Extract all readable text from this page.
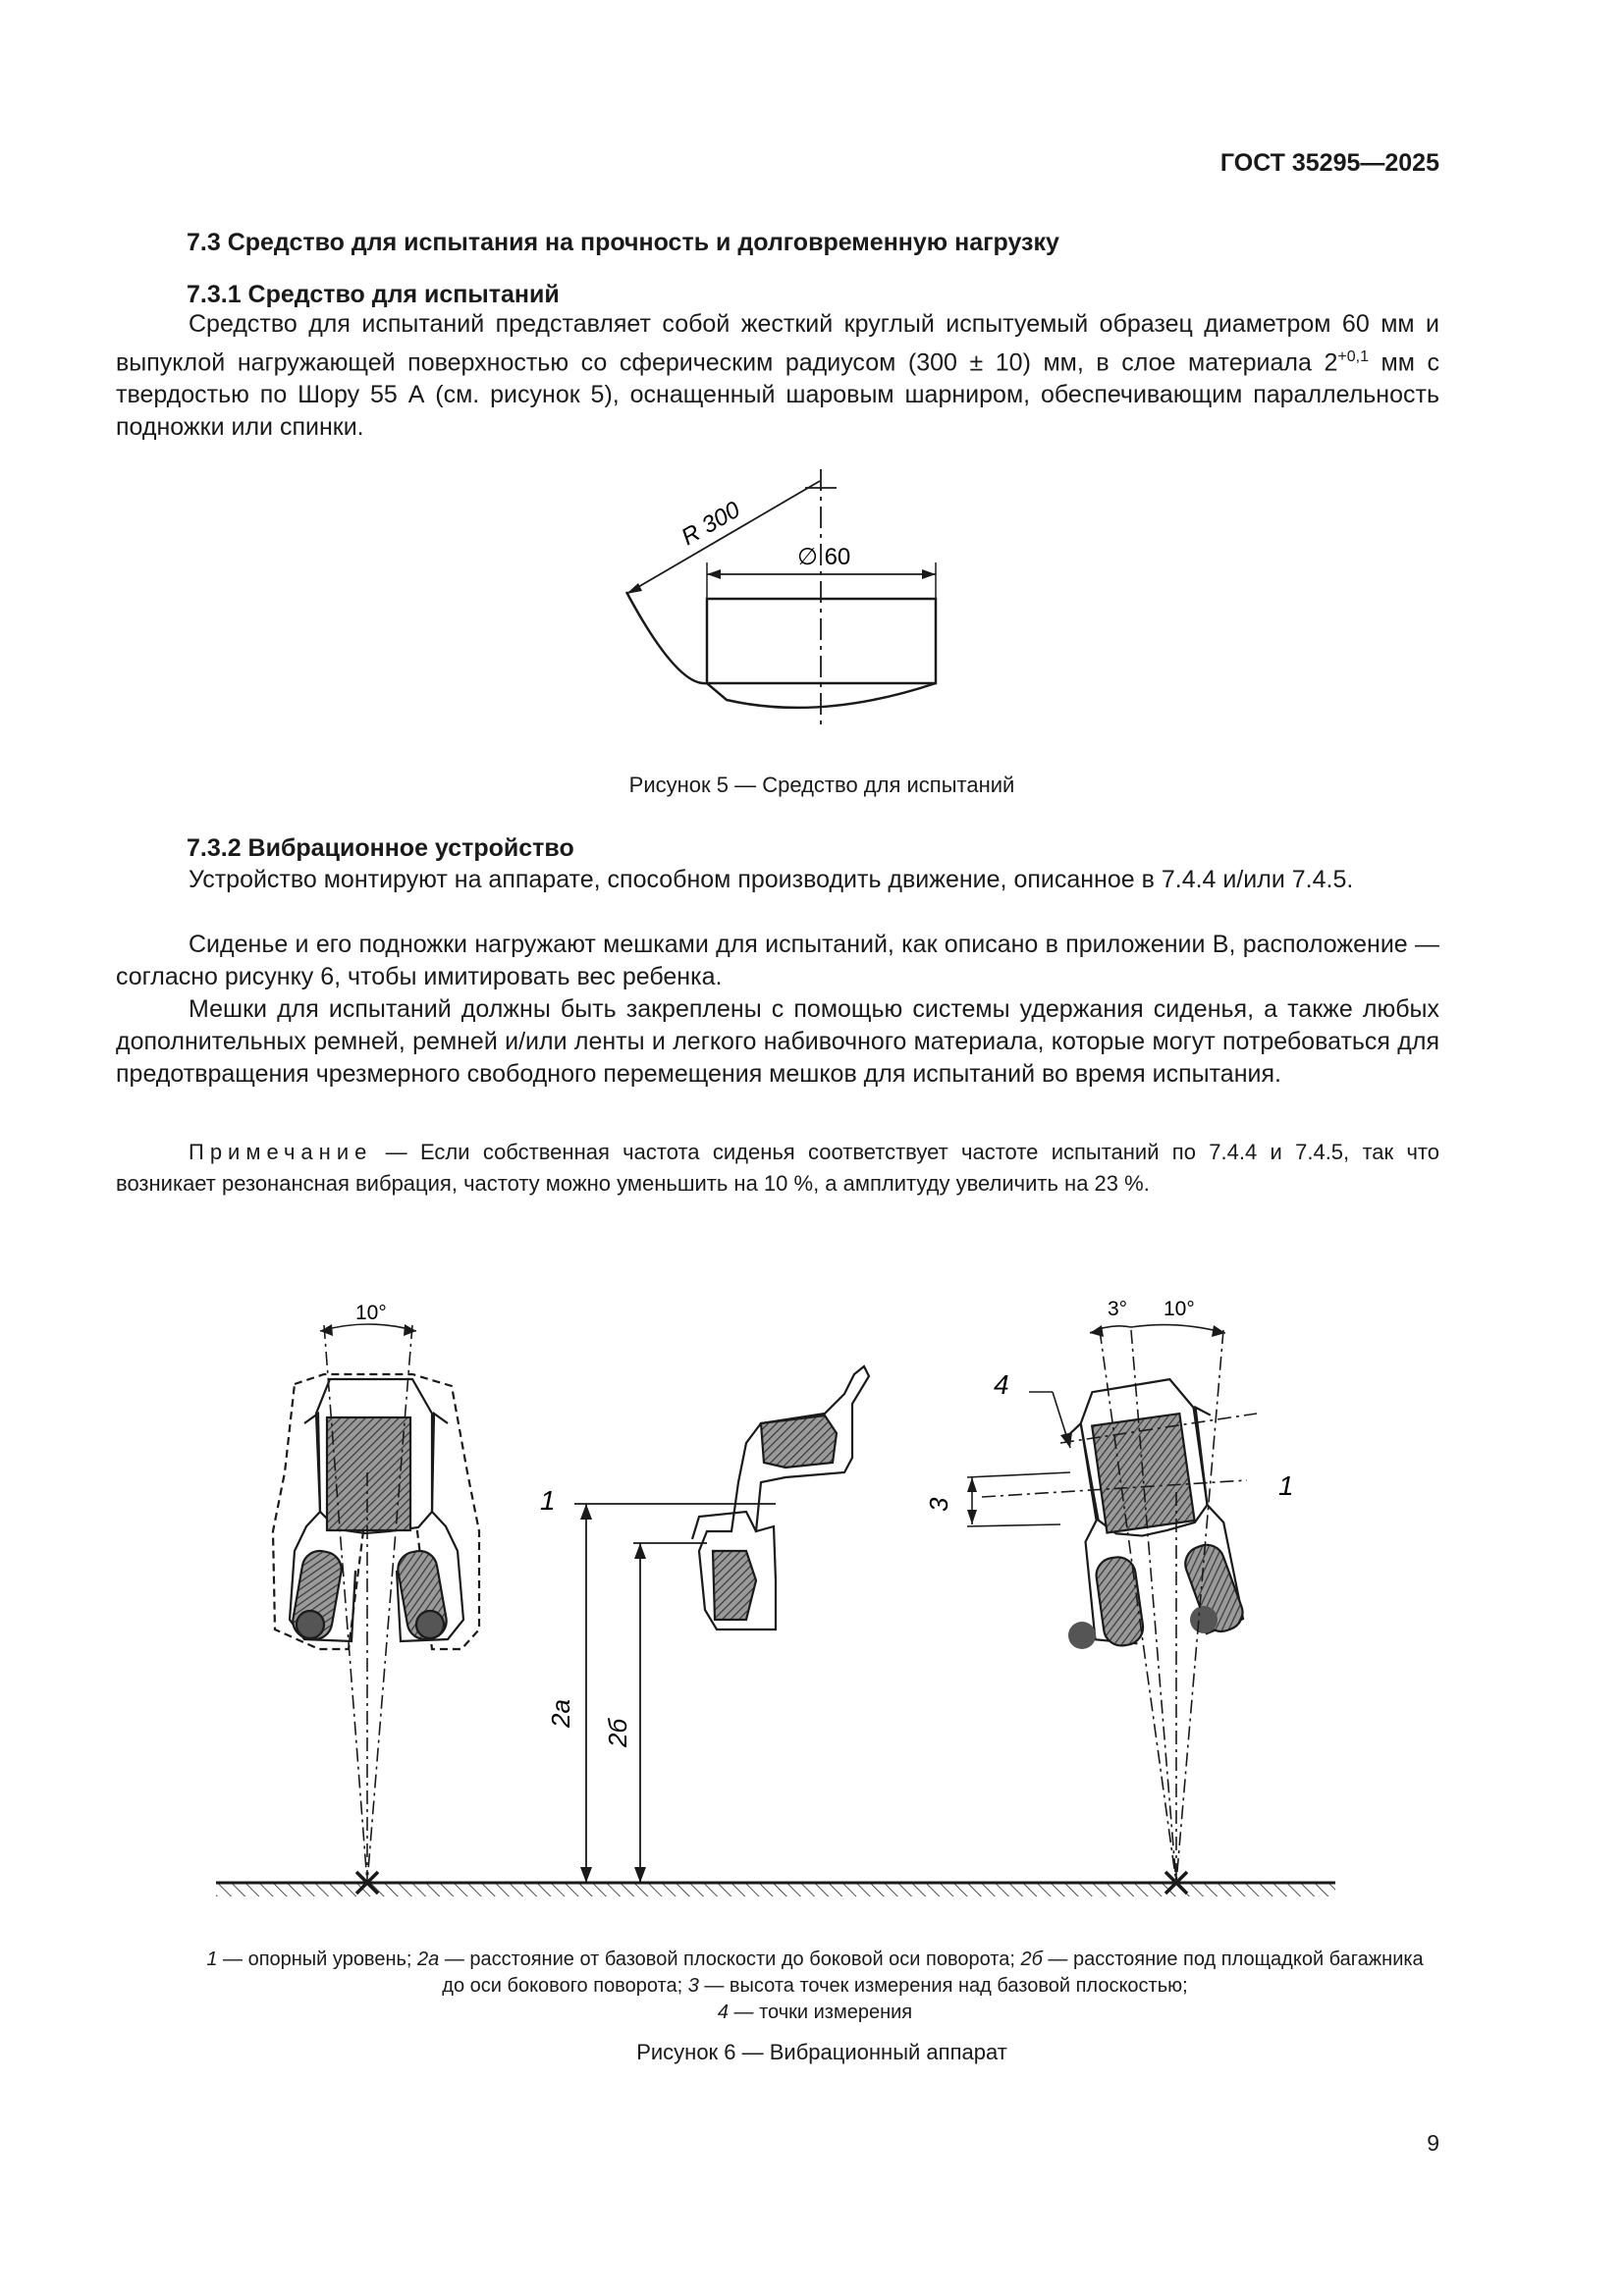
ГОСТ 35295—2025
7.3 Средство для испытания на прочность и долговременную нагрузку
7.3.1 Средство для испытаний

Средство для испытаний представляет собой жесткий круглый испытуемый образец диаметром 60 мм и выпуклой нагружающей поверхностью со сферическим радиусом (300 ± 10) мм, в слое материала $2^{+0,1}$ мм с твердостью по Шору 55 А (см. рисунок 5), оснащенный шаровым шарниром, обеспечивающим параллельность подножки или спинки.

R 300
∅ 60
Рисунок 5 — Средство для испытаний
7.3.2 Вибрационное устройство

Устройство монтируют на аппарате, способном производить движение, описанное в 7.4.4 и/или 7.4.5.

Сиденье и его подножки нагружают мешками для испытаний, как описано в приложении В, расположение — согласно рисунку 6, чтобы имитировать вес ребенка.

Мешки для испытаний должны быть закреплены с помощью системы удержания сиденья, а также любых дополнительных ремней, ремней и/или ленты и легкого набивочного материала, которые могут потребоваться для предотвращения чрезмерного свободного перемещения мешков для испытаний во время испытания.

Примечание — Если собственная частота сиденья соответствует частоте испытаний по 7.4.4 и 7.4.5, так что возникает резонансная вибрация, частоту можно уменьшить на 10 %, а амплитуду увеличить на 23 %.

10°
2a
2б
1
3° 10°
3
4
1
1 — опорный уровень; 2a — расстояние от базовой плоскости до боковой оси поворота; 2б — расстояние под площадкой багажника до оси бокового поворота; 3 — высота точек измерения над базовой плоскостью;
4 — точки измерения
Рисунок 6 — Вибрационный аппарат
9
